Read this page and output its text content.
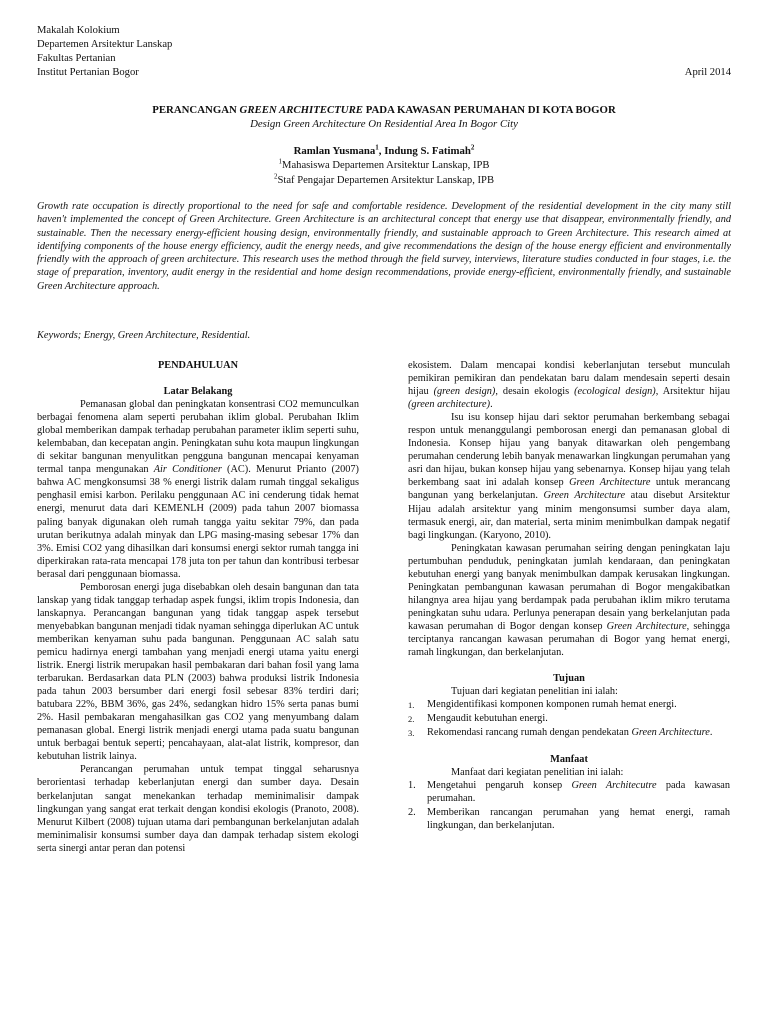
Makalah Kolokium
Departemen Arsitektur Lanskap
Fakultas Pertanian
Institut Pertanian Bogor	April 2014
PERANCANGAN GREEN ARCHITECTURE PADA KAWASAN PERUMAHAN DI KOTA BOGOR
Design Green Architecture On Residential Area In Bogor City
Ramlan Yusmana$^1$, Indung S. Fatimah$^2$
$^1$Mahasiswa Departemen Arsitektur Lanskap, IPB
$^2$Staf Pengajar Departemen Arsitektur Lanskap, IPB
Growth rate occupation is directly proportional to the need for safe and comfortable residence. Development of the residential development in the city many still haven't implemented the concept of Green Architecture. Green Architecture is an architectural concept that energy use that disappear, environmentally friendly, and sustainable. Then the necessary energy-efficient housing design, environmentally friendly, and sustainable approach to Green Architecture. This research aimed at identifying components of the house energy efficiency, audit the energy needs, and give recommendations the design of the house energy efficient and environmentally friendly with the approach of green architecture. This research uses the method through the field survey, interviews, literature studies conducted in four stages, i.e. the stage of preparation, inventory, audit energy in the residential and home design recommendations, provide energy-efficient, environmentally friendly, and sustainable Green Architecture approach.
Keywords; Energy, Green Architecture, Residential.
PENDAHULUAN
Latar Belakang

Pemanasan global dan peningkatan konsentrasi CO2 memunculkan berbagai fenomena alam seperti perubahan iklim global. Perubahan Iklim global memberikan dampak terhadap perubahan parameter iklim seperti suhu, kelembaban, dan kecepatan angin. Peningkatan suhu kota maupun lingkungan di sekitar bangunan menyulitkan pengguna bangunan mencapai kenyaman termal tanpa mengunakan Air Conditioner (AC). Menurut Prianto (2007) bahwa AC mengkonsumsi 38 % energi listrik dalam rumah tinggal sekaligus penghasil emisi karbon. Perilaku penggunaan AC ini cenderung tidak hemat energi, menurut data dari KEMENLH (2009) pada tahun 2007 biomassa paling banyak digunakan oleh rumah tangga yaitu sekitar 79%, dan pada urutan berikutnya adalah minyak dan LPG masing-masing sebesar 17% dan 3%. Emisi CO2 yang dihasilkan dari konsumsi energi sektor rumah tangga ini diperkirakan rata-rata mencapai 178 juta ton per tahun dan kontribusi terbesar berasal dari penggunaan biomassa.

Pemborosan energi juga disebabkan oleh desain bangunan dan tata lanskap yang tidak tanggap terhadap aspek fungsi, iklim tropis Indonesia, dan lanskapnya. Perancangan bangunan yang tidak tanggap aspek tersebut menyebabkan bangunan menjadi tidak nyaman sehingga diperlukan AC untuk memberikan kenyaman suhu pada bangunan. Penggunaan AC salah satu pemicu hadirnya energi tambahan yang menjadi energi utama yaitu energi listrik. Energi listrik merupakan hasil pembakaran dari bahan fosil yang lama terbarukan. Berdasarkan data PLN (2003) bahwa produksi listrik Indonesia pada tahun 2003 bersumber dari energi fosil sebesar 83% terdiri dari; batubara 22%, BBM 36%, gas 24%, sedangkan hidro 15% serta panas bumi 2%. Hasil pembakaran mengahasilkan gas CO2 yang menyumbang dalam pemanasan global. Energi listrik menjadi energi utama pada suatu bangunan untuk berbagai bentuk seperti; pencahayaan, alat-alat listrik, kompresor, dan kebutuhan listrik lainya.

Perancangan perumahan untuk tempat tinggal seharusnya berorientasi terhadap keberlanjutan energi dan sumber daya. Desain berkelanjutan sangat menekankan terhadap meminimalisir dampak lingkungan yang sangat erat terkait dengan kondisi ekologis (Pranoto, 2008). Menurut Kilbert (2008) tujuan utama dari pembangunan berkelanjutan adalah meminimalisir konsumsi sumber daya dan dampak terhadap sistem ekologi serta sinergi antar peran dan potensi

ekosistem. Dalam mencapai kondisi keberlanjutan tersebut munculah pemikiran pemikiran dan pendekatan baru dalam mendesain seperti desain hijau (green design), desain ekologis (ecological design), Arsitektur hijau (green architecture).

Isu isu konsep hijau dari sektor perumahan berkembang sebagai respon untuk menanggulangi pemborosan energi dan pemanasan global di Indonesia. Konsep hijau yang banyak ditawarkan oleh pengembang perumahan cenderung lebih banyak menawarkan lingkungan perumahan yang asri dan hijau, bukan konsep hijau yang sebenarnya. Konsep hijau yang telah berkembang saat ini adalah konsep Green Architecture untuk merancang bangunan yang berkelanjutan. Green Architecture atau disebut Arsitektur Hijau adalah arsitektur yang minim mengonsumsi sumber daya alam, termasuk energi, air, dan material, serta minim menimbulkan dampak negatif bagi lingkungan. (Karyono, 2010).

Peningkatan kawasan perumahan seiring dengan peningkatan laju pertumbuhan penduduk, peningkatan jumlah kendaraan, dan peningkatan kebutuhan energi yang banyak menimbulkan dampak kerusakan lingkungan. Peningkatan pembangunan kawasan perumahan di Bogor mengakibatkan hilangnya area hijau yang berdampak pada perubahan iklim mikro terutama peningkatan suhu udara. Perlunya penerapan desain yang berkelanjutan pada kawasan perumahan di Bogor dengan konsep Green Architecture, sehingga terciptanya rancangan kawasan perumahan di Bogor yang hemat energi, ramah lingkungan, dan berkelanjutan.

Tujuan

Tujuan dari kegiatan penelitian ini ialah:

1.	Mengidentifikasi komponen komponen rumah hemat energi.
2.	Mengaudit kebutuhan energi.
3.	Rekomendasi rancang rumah dengan pendekatan Green Architecture.
Manfaat

Manfaat dari kegiatan penelitian ini ialah:

1.	Mengetahui pengaruh konsep Green Architecutre pada kawasan perumahan.
2.	Memberikan rancangan perumahan yang hemat energi, ramah lingkungan, dan berkelanjutan.
